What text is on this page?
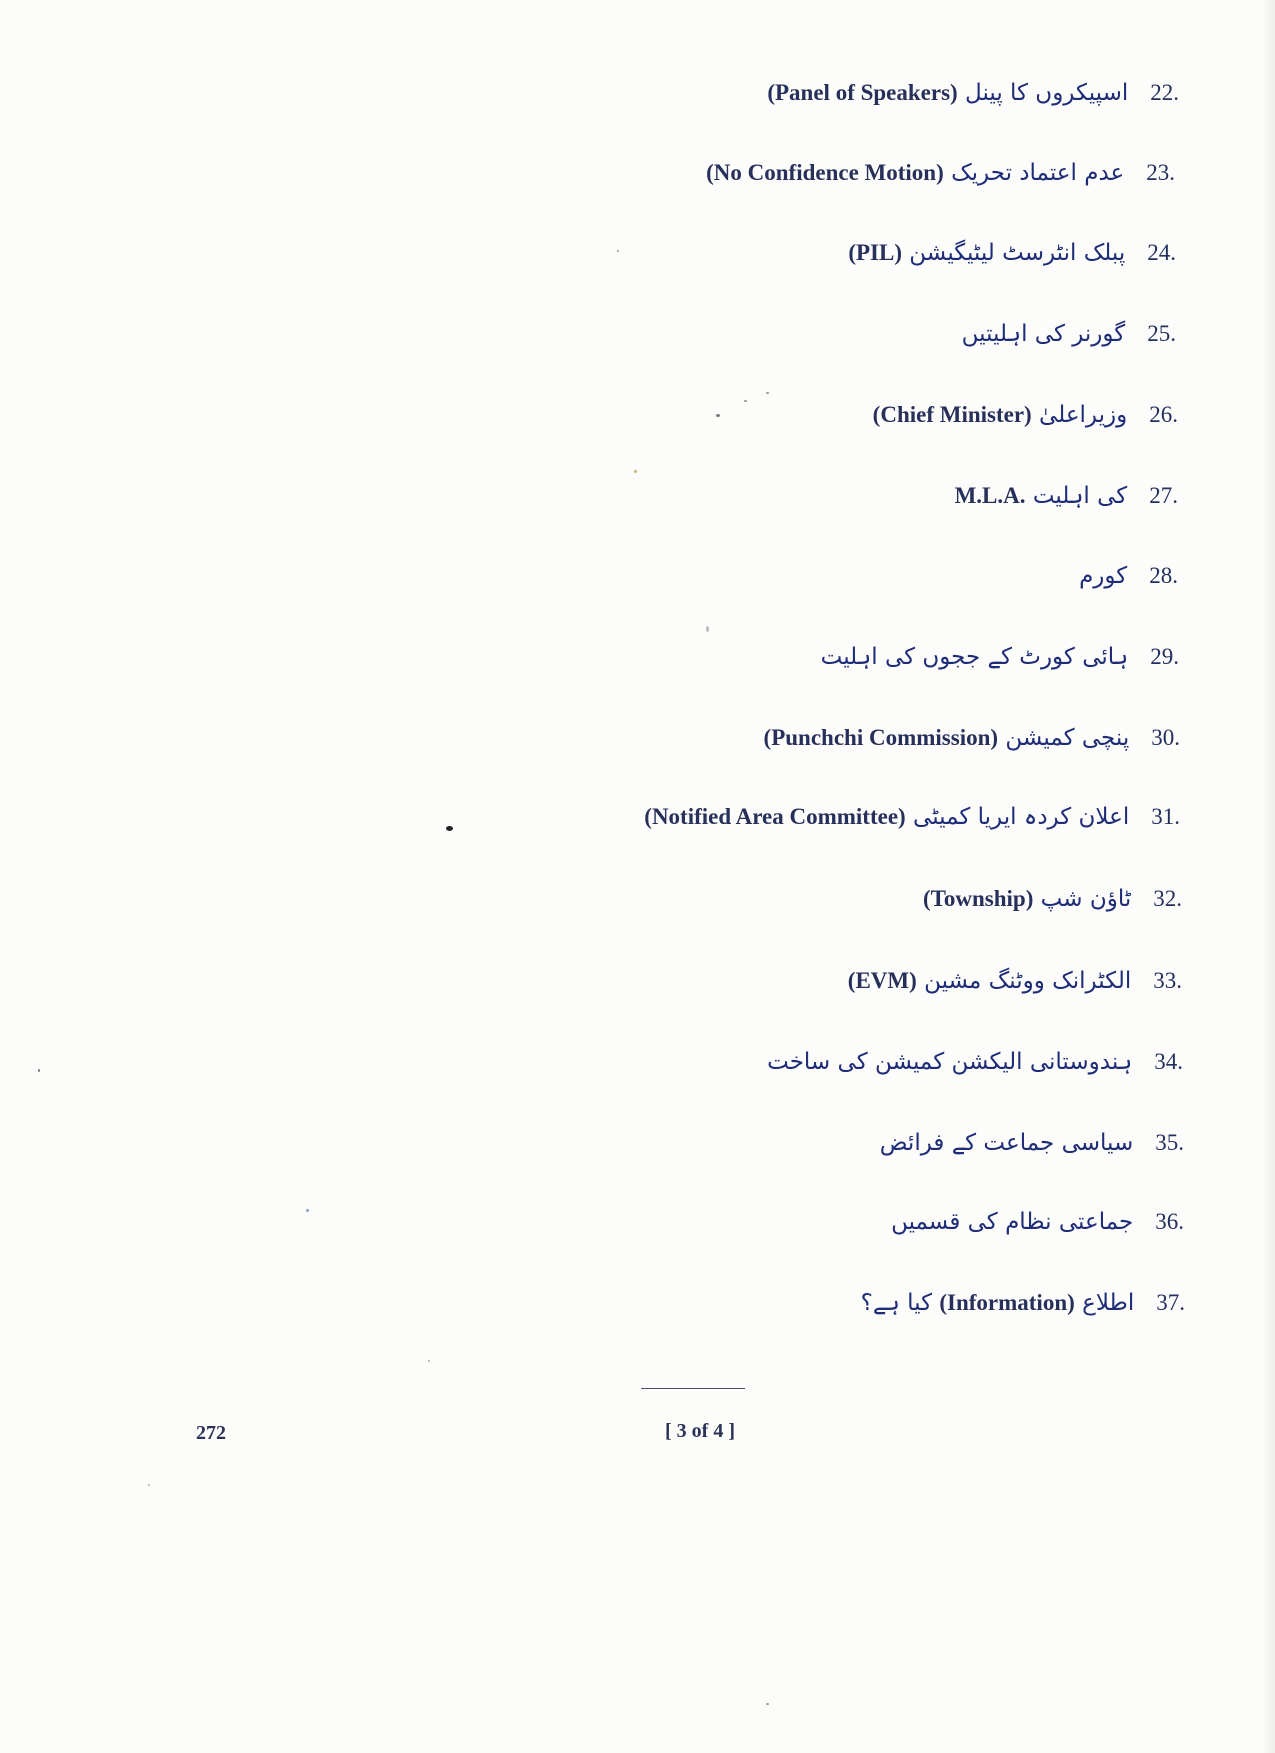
22.
اسپیکروں کا پینل (Panel of Speakers)
23.
عدم اعتماد تحریک (No Confidence Motion)
24.
پبلک انٹرسٹ لیٹیگیشن (PIL)
25.
گورنر کی اہلیتیں
26.
وزیراعلیٰ (Chief Minister)
27.
کی اہلیت M.L.A.
28.
کورم
29.
ہائی کورٹ کے ججوں کی اہلیت
30.
پنچی کمیشن (Punchchi Commission)
31.
اعلان کردہ ایریا کمیٹی (Notified Area Committee)
32.
ٹاؤن شپ (Township)
33.
الکٹرانک ووٹنگ مشین (EVM)
34.
ہندوستانی الیکشن کمیشن کی ساخت
35.
سیاسی جماعت کے فرائض
36.
جماعتی نظام کی قسمیں
37.
اطلاع (Information) کیا ہے؟
272	[ 3 of 4 ]
